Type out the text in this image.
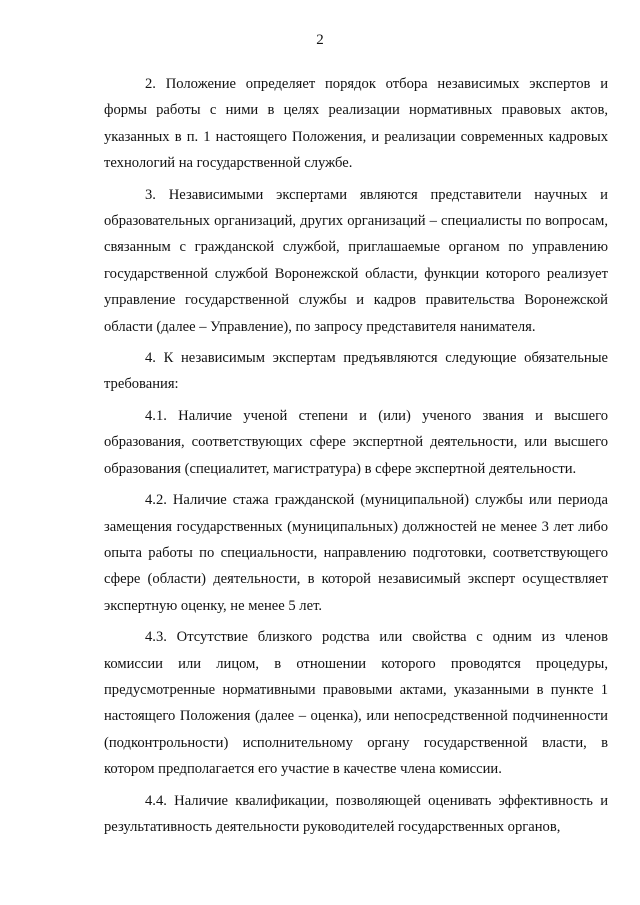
2

2. Положение определяет порядок отбора независимых экспертов и формы работы с ними в целях реализации нормативных правовых актов, указанных в п. 1 настоящего Положения, и реализации современных кадровых технологий на государственной службе.

3. Независимыми экспертами являются представители научных и образовательных организаций, других организаций – специалисты по вопросам, связанным с гражданской службой, приглашаемые органом по управлению государственной службой Воронежской области, функции которого реализует управление государственной службы и кадров правительства Воронежской области (далее – Управление), по запросу представителя нанимателя.

4. К независимым экспертам предъявляются следующие обязательные требования:

4.1. Наличие ученой степени и (или) ученого звания и высшего образования, соответствующих сфере экспертной деятельности, или высшего образования (специалитет, магистратура) в сфере экспертной деятельности.

4.2. Наличие стажа гражданской (муниципальной) службы или периода замещения государственных (муниципальных) должностей не менее 3 лет либо опыта работы по специальности, направлению подготовки, соответствующего сфере (области) деятельности, в которой независимый эксперт осуществляет экспертную оценку, не менее 5 лет.

4.3. Отсутствие близкого родства или свойства с одним из членов комиссии или лицом, в отношении которого проводятся процедуры, предусмотренные нормативными правовыми актами, указанными в пункте 1 настоящего Положения (далее – оценка), или непосредственной подчиненности (подконтрольности) исполнительному органу государственной власти, в котором предполагается его участие в качестве члена комиссии.

4.4. Наличие квалификации, позволяющей оценивать эффективность и результативность деятельности руководителей государственных органов,
